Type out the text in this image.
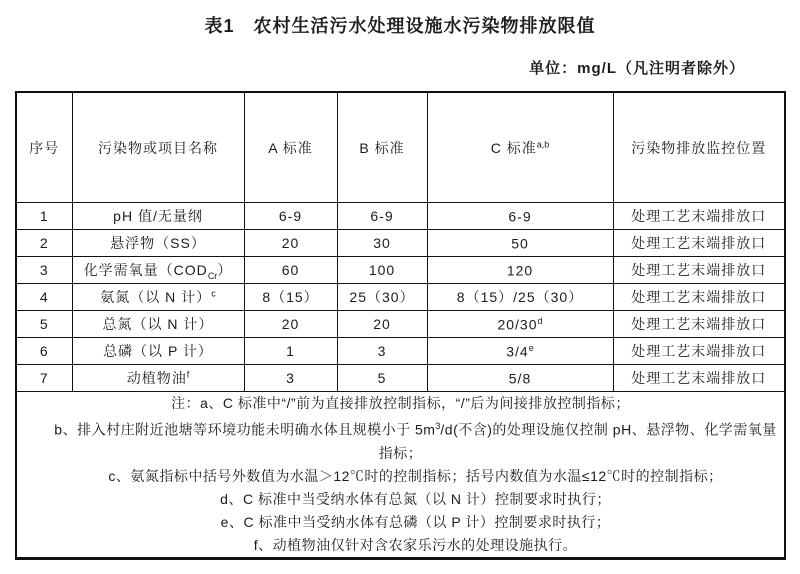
表1　农村生活污水处理设施水污染物排放限值
单位：mg/L（凡注明者除外）
序号	污染物或项目名称	A 标准	B 标准	C 标准$^{a,b}$	污染物排放监控位置
1	pH 值/无量纲	6-9	6-9	6-9	处理工艺末端排放口
2	悬浮物（SS）	20	30	50	处理工艺末端排放口
3	化学需氧量$(COD_{Cr})$	60	100	120	处理工艺末端排放口
4	氨氮（以 N 计）$^c$	8（15）	25（30）	8（15）/25（30）	处理工艺末端排放口
5	总氮（以 N 计）	20	20	20/30$^d$	处理工艺末端排放口
6	总磷（以 P 计）	1	3	3/4e	处理工艺末端排放口
7	动植物油$^f$	3	5	5/8	处理工艺末端排放口

注：a、C 标准中“/”前为直接排放控制指标，“/”后为间接排放控制指标；
b、排入村庄附近池塘等环境功能未明确水体且规模小于 $5m^3/d$(不含)的处理设施仅控制 pH、悬浮物、化学需氧量指标；
c、氨氮指标中括号外数值为水温＞12℃时的控制指标；括号内数值为水温≤12℃时的控制指标；
d、C 标准中当受纳水体有总氮（以 N 计）控制要求时执行；
e、C 标准中当受纳水体有总磷（以 P 计）控制要求时执行；
f、动植物油仅针对含农家乐污水的处理设施执行。
